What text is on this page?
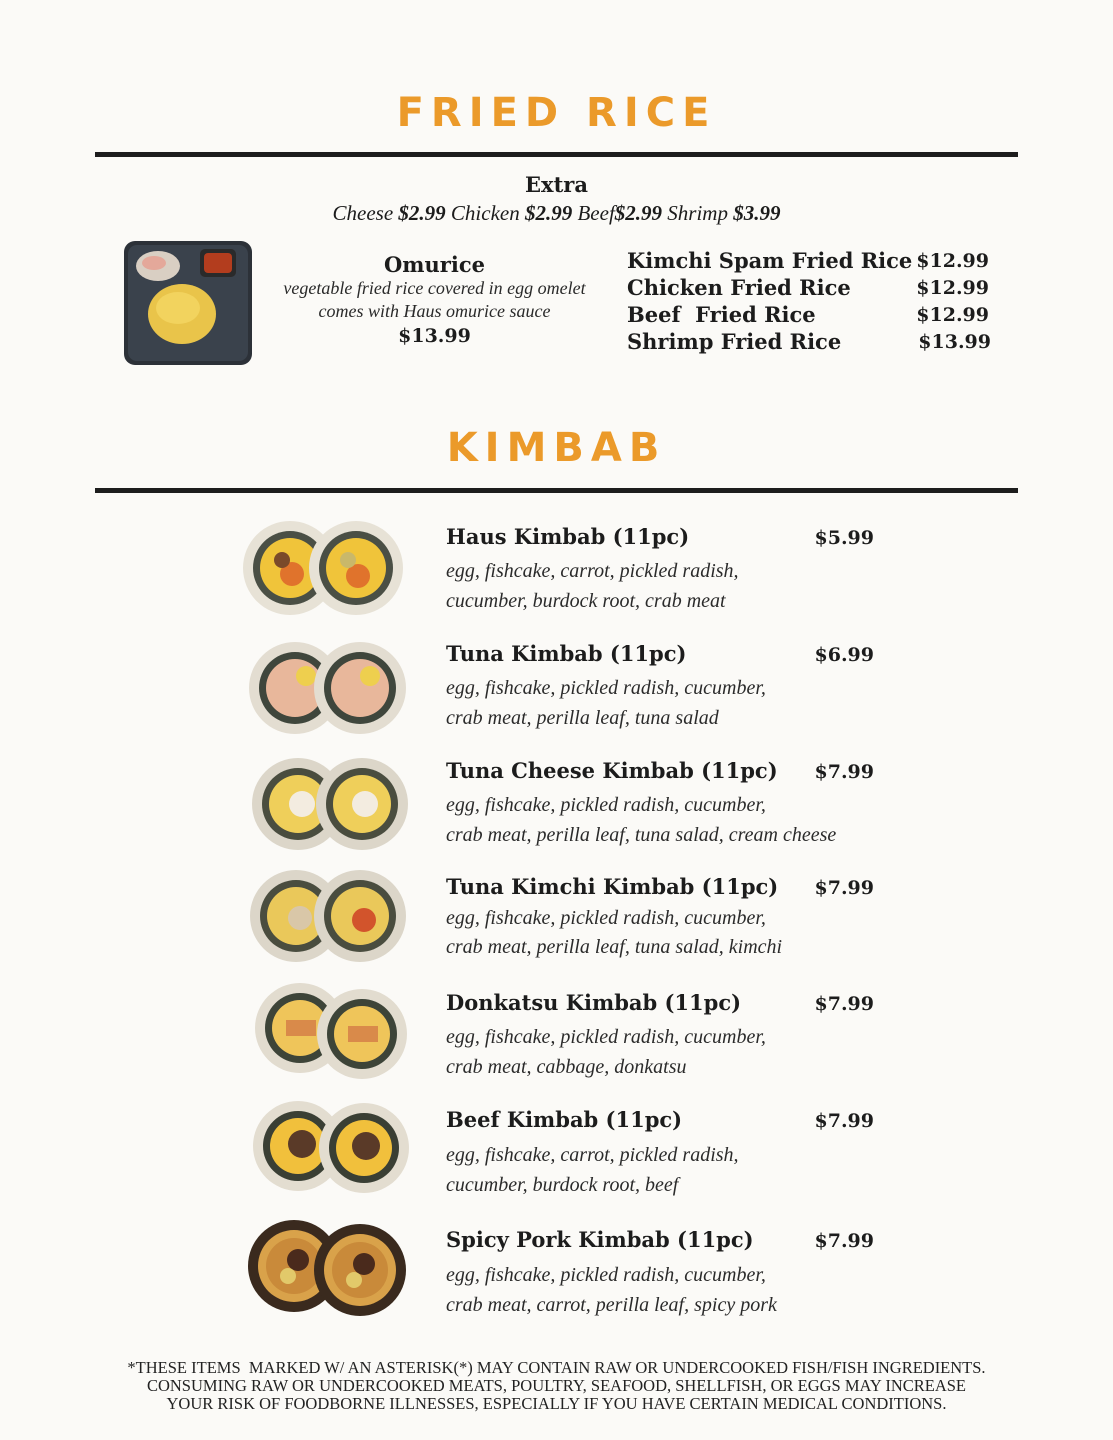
FRIED RICE
Extra
Cheese $2.99 Chicken $2.99 Beef$2.99 Shrimp $3.99
Omurice
vegetable fried rice covered in egg omelet
comes with Haus omurice sauce
$13.99
Kimchi Spam Fried Rice $12.99
Chicken Fried Rice	$12.99
Beef  Fried Rice	$12.99
Shrimp Fried Rice	$13.99
KIMBAB
Haus Kimbab (11pc)	$5.99
egg, fishcake, carrot, pickled radish,
cucumber, burdock root, crab meat
Tuna Kimbab (11pc)	$6.99
egg, fishcake, pickled radish, cucumber,
crab meat, perilla leaf, tuna salad
Tuna Cheese Kimbab (11pc)	$7.99
egg, fishcake, pickled radish, cucumber,
crab meat, perilla leaf, tuna salad, cream cheese
Tuna Kimchi Kimbab (11pc)	$7.99
egg, fishcake, pickled radish, cucumber,
crab meat, perilla leaf, tuna salad, kimchi
Donkatsu Kimbab (11pc)	$7.99
egg, fishcake, pickled radish, cucumber,
crab meat, cabbage, donkatsu
Beef Kimbab (11pc)	$7.99
egg, fishcake, carrot, pickled radish,
cucumber, burdock root, beef
Spicy Pork Kimbab (11pc)	$7.99
egg, fishcake, pickled radish, cucumber,
crab meat, carrot, perilla leaf, spicy pork
*THESE ITEMS  MARKED W/ AN ASTERISK(*) MAY CONTAIN RAW OR UNDERCOOKED FISH/FISH INGREDIENTS.
CONSUMING RAW OR UNDERCOOKED MEATS, POULTRY, SEAFOOD, SHELLFISH, OR EGGS MAY INCREASE
YOUR RISK OF FOODBORNE ILLNESSES, ESPECIALLY IF YOU HAVE CERTAIN MEDICAL CONDITIONS.
